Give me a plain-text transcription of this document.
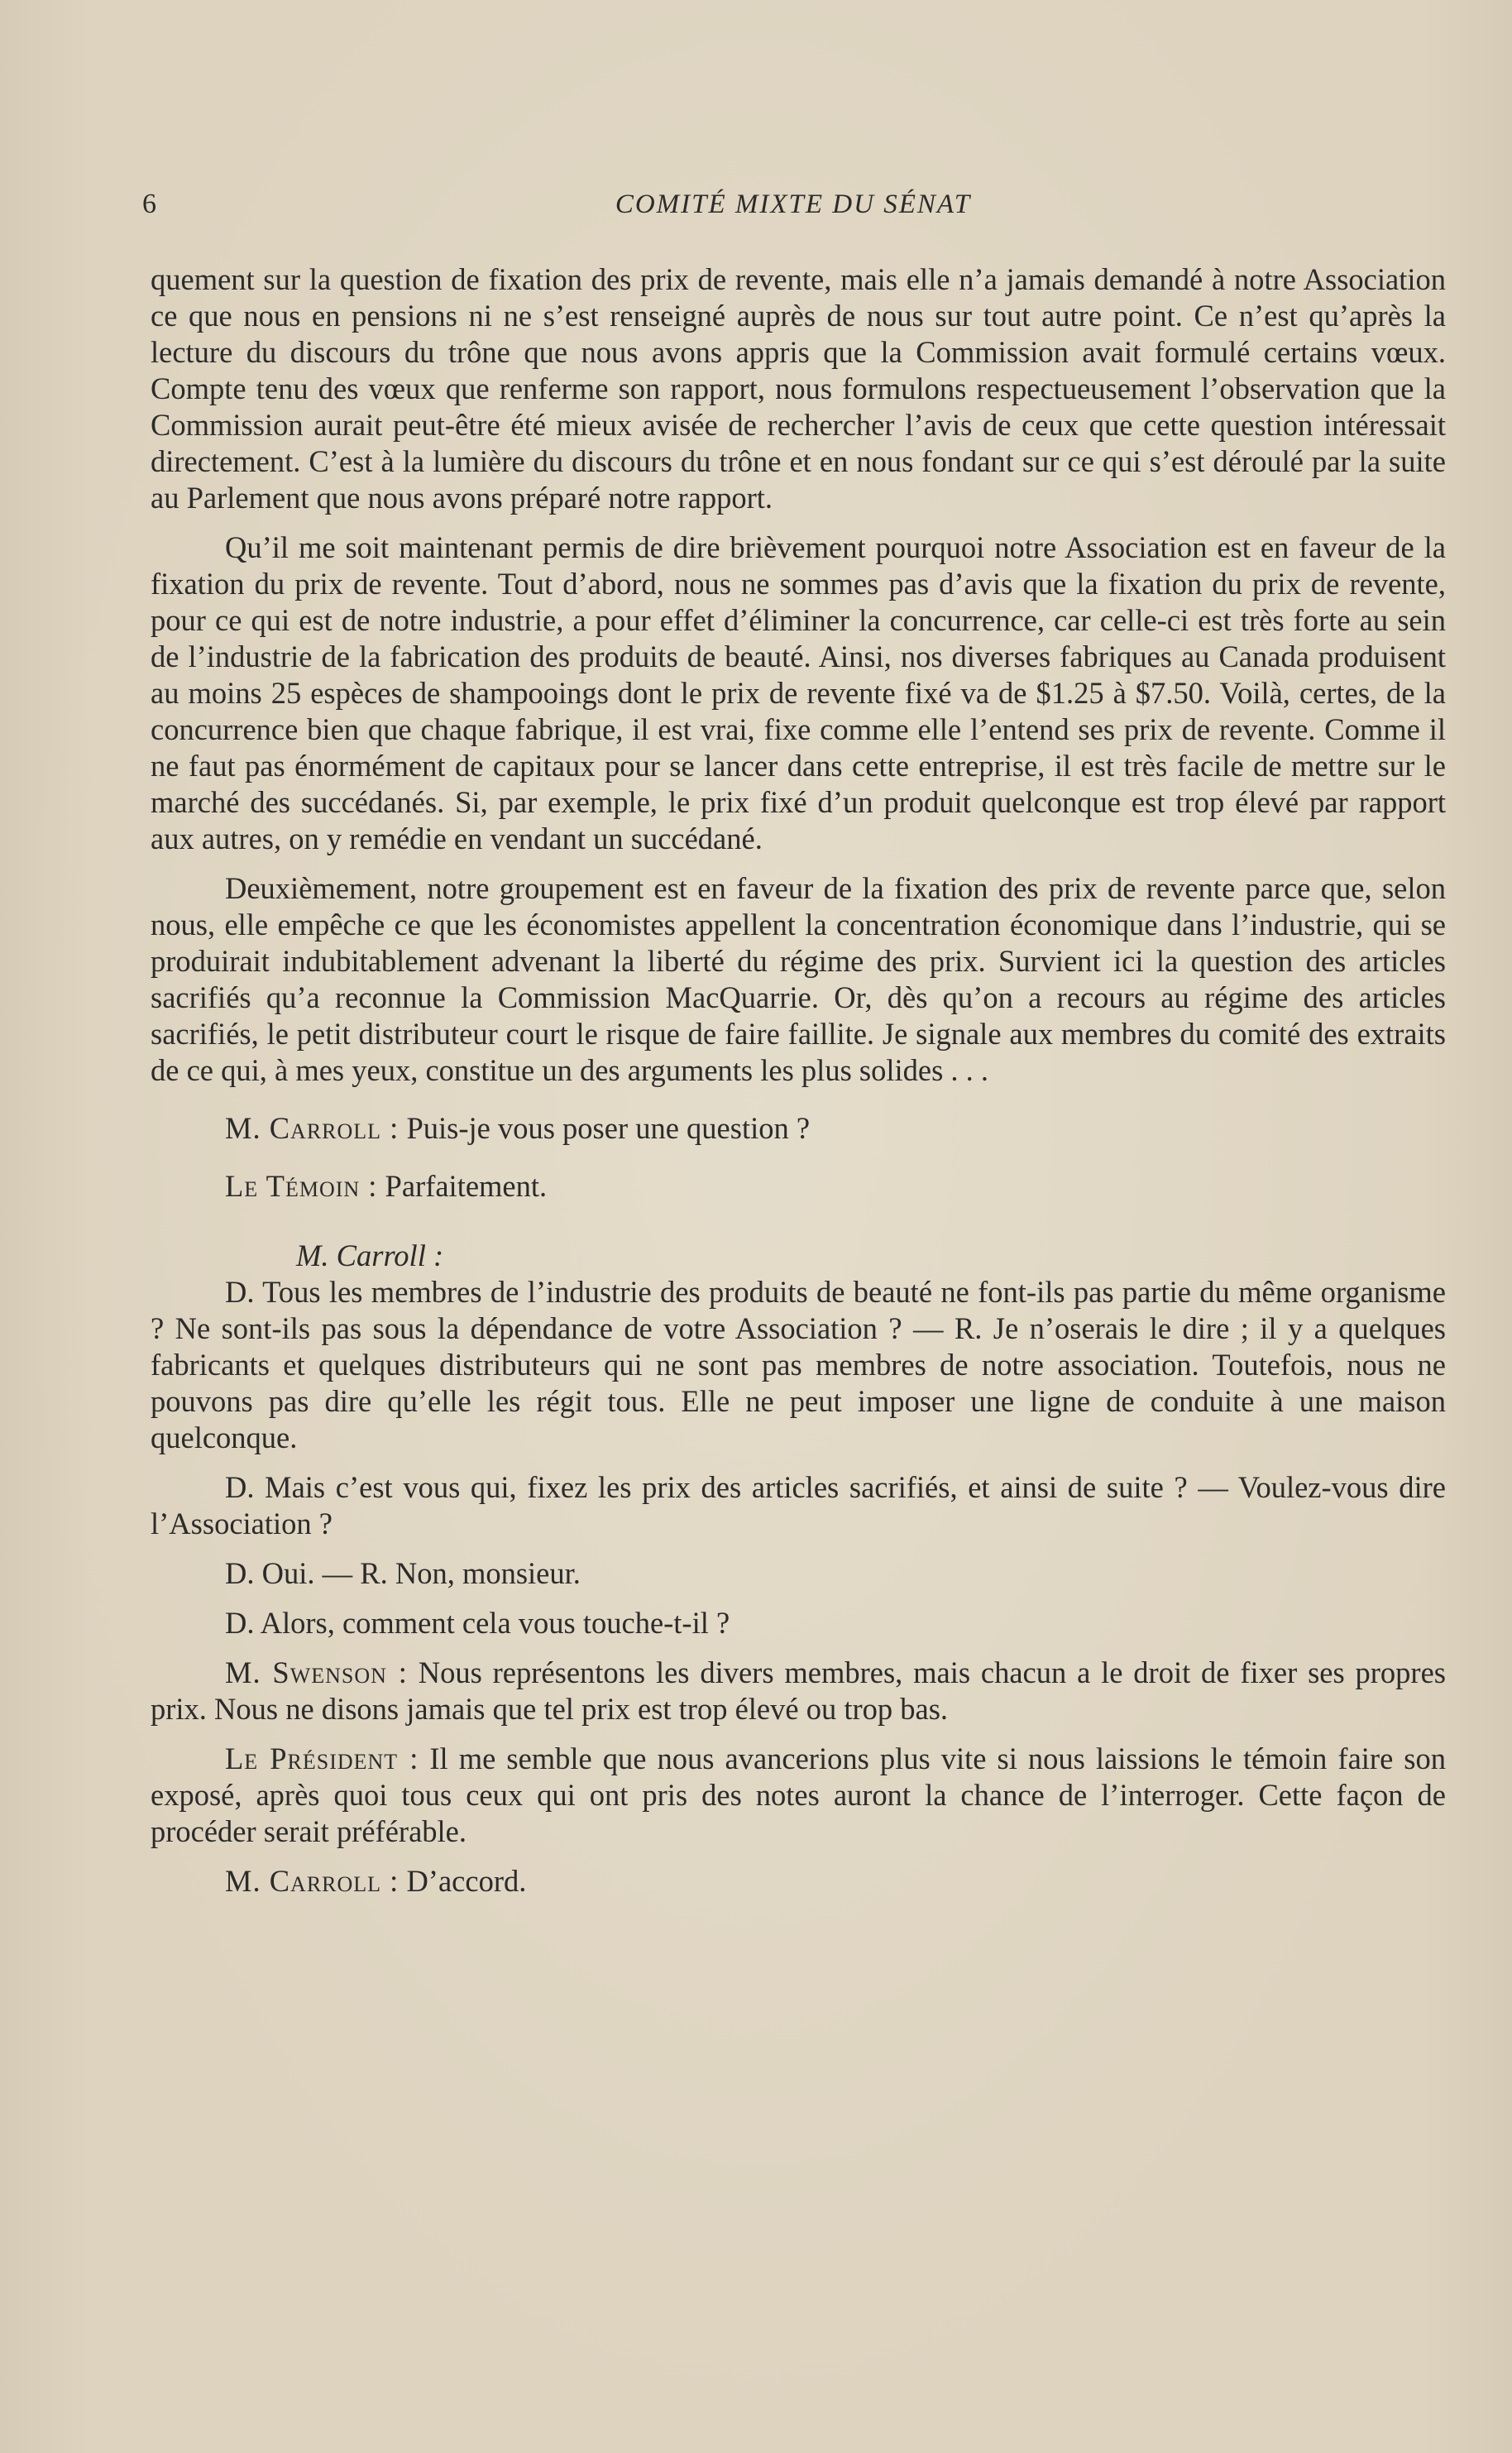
6	COMITÉ MIXTE DU SÉNAT

quement sur la question de fixation des prix de revente, mais elle n’a jamais demandé à notre Association ce que nous en pensions ni ne s’est renseigné auprès de nous sur tout autre point. Ce n’est qu’après la lecture du discours du trône que nous avons appris que la Commission avait formulé certains vœux. Compte tenu des vœux que renferme son rapport, nous formulons respectueusement l’observation que la Commission aurait peut-être été mieux avisée de rechercher l’avis de ceux que cette question intéressait directement. C’est à la lumière du discours du trône et en nous fondant sur ce qui s’est déroulé par la suite au Parlement que nous avons préparé notre rapport.

Qu’il me soit maintenant permis de dire brièvement pourquoi notre Association est en faveur de la fixation du prix de revente. Tout d’abord, nous ne sommes pas d’avis que la fixation du prix de revente, pour ce qui est de notre industrie, a pour effet d’éliminer la concurrence, car celle-ci est très forte au sein de l’industrie de la fabrication des produits de beauté. Ainsi, nos diverses fabriques au Canada produisent au moins 25 espèces de shampooings dont le prix de revente fixé va de $1.25 à $7.50. Voilà, certes, de la concurrence bien que chaque fabrique, il est vrai, fixe comme elle l’entend ses prix de revente. Comme il ne faut pas énormément de capitaux pour se lancer dans cette entreprise, il est très facile de mettre sur le marché des succédanés. Si, par exemple, le prix fixé d’un produit quelconque est trop élevé par rapport aux autres, on y remédie en vendant un succédané.

Deuxièmement, notre groupement est en faveur de la fixation des prix de revente parce que, selon nous, elle empêche ce que les économistes appellent la concentration économique dans l’industrie, qui se produirait indubitablement advenant la liberté du régime des prix. Survient ici la question des articles sacrifiés qu’a reconnue la Commission MacQuarrie. Or, dès qu’on a recours au régime des articles sacrifiés, le petit distributeur court le risque de faire faillite. Je signale aux membres du comité des extraits de ce qui, à mes yeux, constitue un des arguments les plus solides . . .

M. Carroll : Puis-je vous poser une question ?

Le Témoin : Parfaitement.

M. Carroll :

D. Tous les membres de l’industrie des produits de beauté ne font-ils pas partie du même organisme ? Ne sont-ils pas sous la dépendance de votre Association ? — R. Je n’oserais le dire ; il y a quelques fabricants et quelques distributeurs qui ne sont pas membres de notre association. Toutefois, nous ne pouvons pas dire qu’elle les régit tous. Elle ne peut imposer une ligne de conduite à une maison quelconque.

D. Mais c’est vous qui, fixez les prix des articles sacrifiés, et ainsi de suite ? — Voulez-vous dire l’Association ?

D. Oui. — R. Non, monsieur.

D. Alors, comment cela vous touche-t-il ?

M. Swenson : Nous représentons les divers membres, mais chacun a le droit de fixer ses propres prix. Nous ne disons jamais que tel prix est trop élevé ou trop bas.

Le Président : Il me semble que nous avancerions plus vite si nous laissions le témoin faire son exposé, après quoi tous ceux qui ont pris des notes auront la chance de l’interroger. Cette façon de procéder serait préférable.

M. Carroll : D’accord.
